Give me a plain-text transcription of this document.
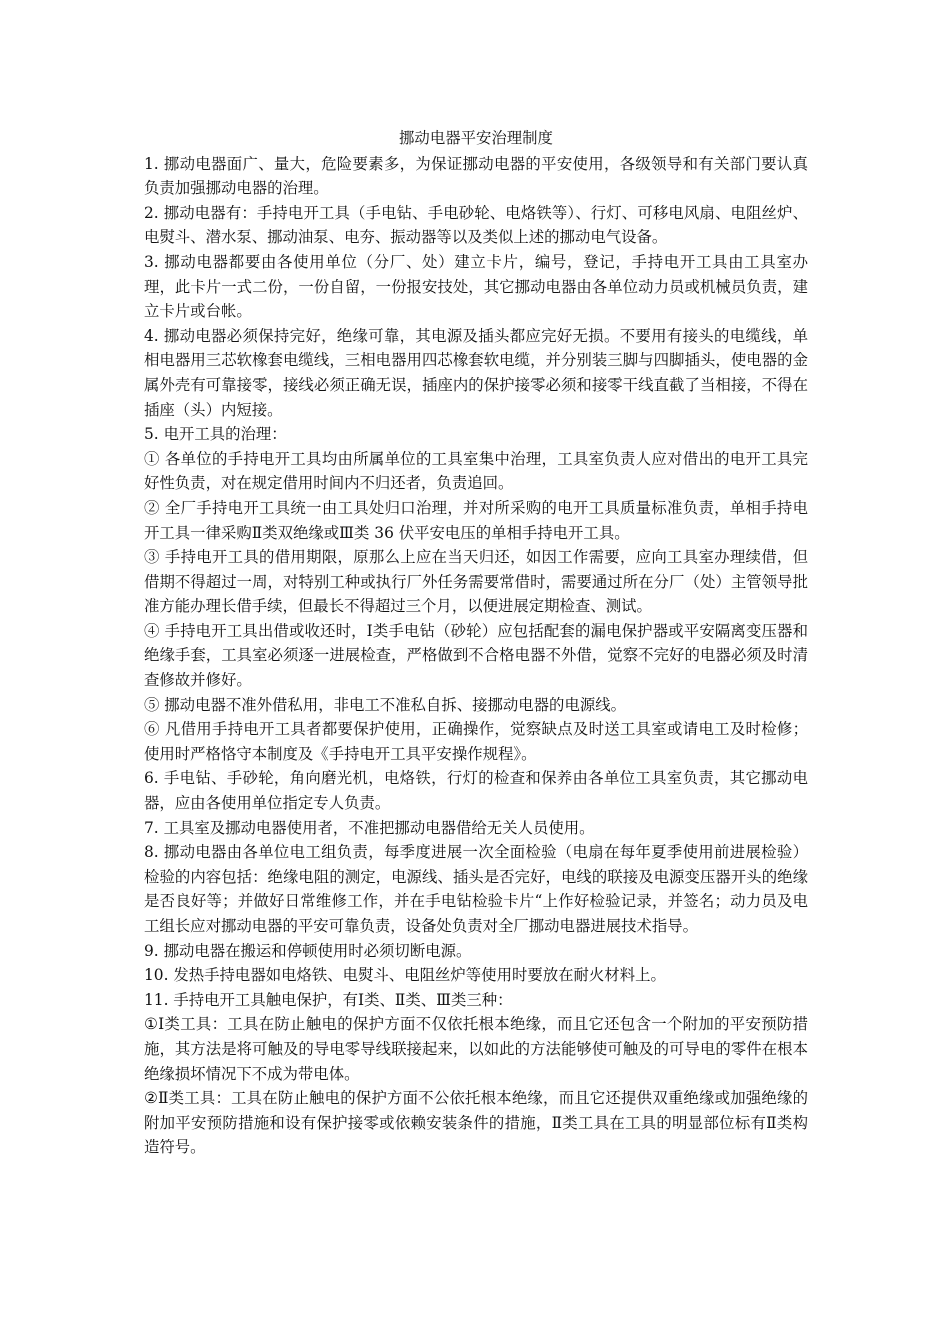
挪动电器平安治理制度

1. 挪动电器面广、量大，危险要素多，为保证挪动电器的平安使用，各级领导和有关部门要认真负责加强挪动电器的治理。

2. 挪动电器有：手持电开工具（手电钻、手电砂轮、电烙铁等）、行灯、可移电风扇、电阻丝炉、电熨斗、潜水泵、挪动油泵、电夯、振动器等以及类似上述的挪动电气设备。

3. 挪动电器都要由各使用单位（分厂、处）建立卡片，编号，登记，手持电开工具由工具室办理，此卡片一式二份，一份自留，一份报安技处，其它挪动电器由各单位动力员或机械员负责，建立卡片或台帐。

4. 挪动电器必须保持完好，绝缘可靠，其电源及插头都应完好无损。不要用有接头的电缆线，单相电器用三芯软橡套电缆线，三相电器用四芯橡套软电缆，并分别装三脚与四脚插头，使电器的金属外壳有可靠接零，接线必须正确无误，插座内的保护接零必须和接零干线直截了当相接，不得在插座（头）内短接。

5. 电开工具的治理：

① 各单位的手持电开工具均由所属单位的工具室集中治理，工具室负责人应对借出的电开工具完好性负责，对在规定借用时间内不归还者，负责追回。

② 全厂手持电开工具统一由工具处归口治理，并对所采购的电开工具质量标准负责，单相手持电开工具一律采购Ⅱ类双绝缘或Ⅲ类 36 伏平安电压的单相手持电开工具。

③ 手持电开工具的借用期限，原那么上应在当天归还，如因工作需要，应向工具室办理续借，但借期不得超过一周，对特别工种或执行厂外任务需要常借时，需要通过所在分厂（处）主管领导批准方能办理长借手续，但最长不得超过三个月，以便进展定期检查、测试。

④ 手持电开工具出借或收还时，Ⅰ类手电钻（砂轮）应包括配套的漏电保护器或平安隔离变压器和绝缘手套，工具室必须逐一进展检查，严格做到不合格电器不外借，觉察不完好的电器必须及时清查修故并修好。

⑤ 挪动电器不准外借私用，非电工不准私自拆、接挪动电器的电源线。

⑥ 凡借用手持电开工具者都要保护使用，正确操作，觉察缺点及时送工具室或请电工及时检修；使用时严格恪守本制度及《手持电开工具平安操作规程》。

6. 手电钻、手砂轮，角向磨光机，电烙铁，行灯的检查和保养由各单位工具室负责，其它挪动电器，应由各使用单位指定专人负责。

7. 工具室及挪动电器使用者，不准把挪动电器借给无关人员使用。

8. 挪动电器由各单位电工组负责，每季度进展一次全面检验（电扇在每年夏季使用前进展检验）检验的内容包括：绝缘电阻的测定，电源线、插头是否完好，电线的联接及电源变压器开头的绝缘是否良好等；并做好日常维修工作，并在手电钻检验卡片“上作好检验记录，并签名；动力员及电工组长应对挪动电器的平安可靠负责，设备处负责对全厂挪动电器进展技术指导。

9. 挪动电器在搬运和停顿使用时必须切断电源。

10. 发热手持电器如电烙铁、电熨斗、电阻丝炉等使用时要放在耐火材料上。

11. 手持电开工具触电保护，有Ⅰ类、Ⅱ类、Ⅲ类三种：

①Ⅰ类工具：工具在防止触电的保护方面不仅依托根本绝缘，而且它还包含一个附加的平安预防措施，其方法是将可触及的导电零导线联接起来，以如此的方法能够使可触及的可导电的零件在根本绝缘损坏情况下不成为带电体。

②Ⅱ类工具：工具在防止触电的保护方面不公依托根本绝缘，而且它还提供双重绝缘或加强绝缘的附加平安预防措施和设有保护接零或依赖安装条件的措施，Ⅱ类工具在工具的明显部位标有Ⅱ类构造符号。
